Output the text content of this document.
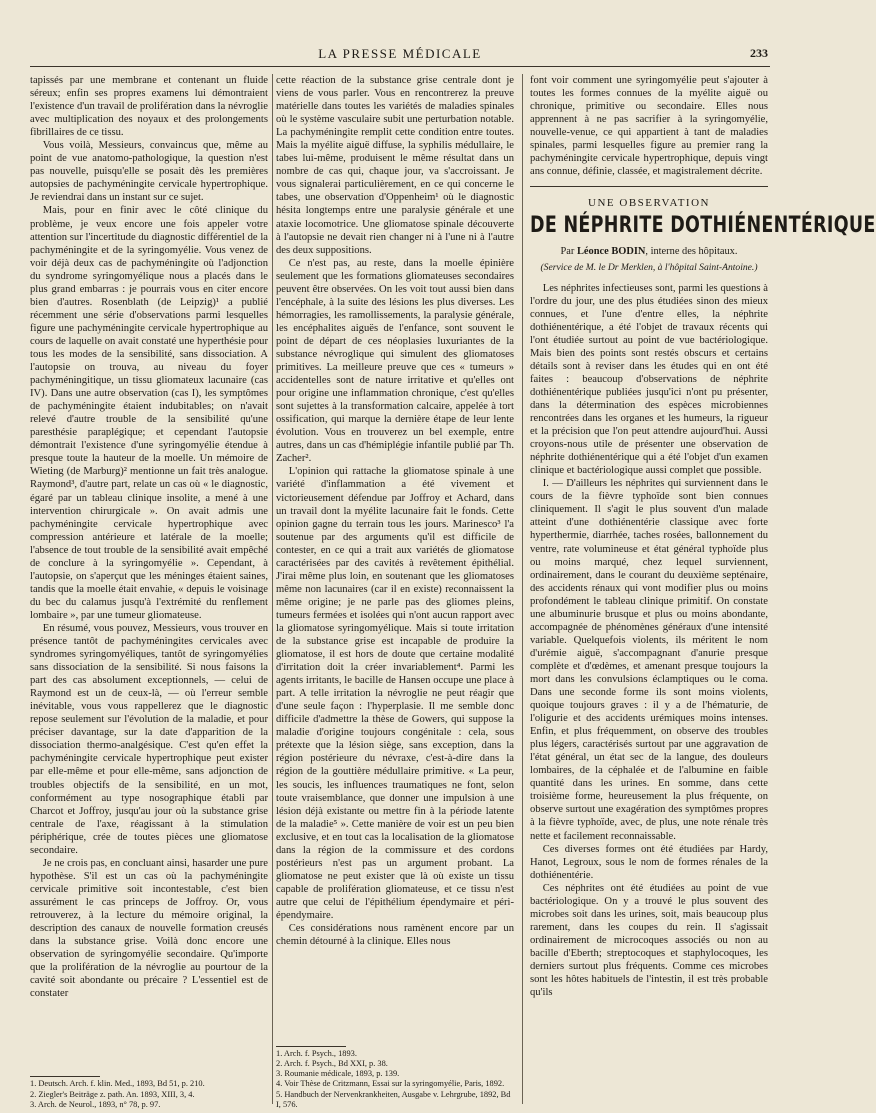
LA PRESSE MÉDICALE	233

tapissés par une membrane et contenant un fluide séreux; enfin ses propres examens lui démontraient l'existence d'un travail de prolifération dans la névroglie avec multiplication des noyaux et des prolongements fibrillaires de ce tissu.

Vous voilà, Messieurs, convaincus que, même au point de vue anatomo-pathologique, la question n'est pas nouvelle, puisqu'elle se posait dès les premières autopsies de pachyméningite cervicale hypertrophique. Je reviendrai dans un instant sur ce sujet.

Mais, pour en finir avec le côté clinique du problème, je veux encore une fois appeler votre attention sur l'incertitude du diagnostic différentiel de la pachyméningite et de la syringomyélie. Vous venez de voir déjà deux cas de pachyméningite où l'adjonction du syndrome syringomyélique nous a placés dans le plus grand embarras : je pourrais vous en citer encore bien d'autres. Rosenblath (de Leipzig)¹ a publié récemment une série d'observations parmi lesquelles figure une pachyméningite cervicale hypertrophique au cours de laquelle on avait constaté une hyperthésie pour tous les modes de la sensibilité, sans dissociation. A l'autopsie on trouva, au niveau du foyer pachyméningitique, un tissu gliomateux lacunaire (cas IV). Dans une autre observation (cas I), les symptômes de pachyméningite étaient indubitables; on n'avait relevé d'autre trouble de la sensibilité qu'une paresthésie paraplégique; et cependant l'autopsie démontrait l'existence d'une syringomyélie étendue à presque toute la hauteur de la moelle. Un mémoire de Wieting (de Marburg)² mentionne un fait très analogue. Raymond³, d'autre part, relate un cas où « le diagnostic, égaré par un tableau clinique insolite, a mené à une intervention chirurgicale ». On avait admis une pachyméningite cervicale hypertrophique avec compression antérieure et latérale de la moelle; l'absence de tout trouble de la sensibilité avait empêché de conclure à la syringomyélie ». Cependant, à l'autopsie, on s'aperçut que les méninges étaient saines, tandis que la moelle était envahie, « depuis le voisinage du bec du calamus jusqu'à l'extrémité du renflement lombaire », par une tumeur gliomateuse.

En résumé, vous pouvez, Messieurs, vous trouver en présence tantôt de pachyméningites cervicales avec syndromes syringomyéliques, tantôt de syringomyélies sans dissociation de la sensibilité. Si nous faisons la part des cas absolument exceptionnels, — celui de Raymond est un de ceux-là, — où l'erreur semble inévitable, vous vous rappellerez que le diagnostic repose seulement sur l'évolution de la maladie, et pour préciser davantage, sur la date d'apparition de la dissociation thermo-analgésique. C'est qu'en effet la pachyméningite cervicale hypertrophique peut exister par elle-même et pour elle-même, sans adjonction de troubles objectifs de la sensibilité, en un mot, conformément au type nosographique établi par Charcot et Joffroy, jusqu'au jour où la substance grise centrale de l'axe, réagissant à la stimulation périphérique, crée de toutes pièces une gliomatose secondaire.

Je ne crois pas, en concluant ainsi, hasarder une pure hypothèse. S'il est un cas où la pachyméningite cervicale primitive soit incontestable, c'est bien assurément le cas princeps de Joffroy. Or, vous retrouverez, à la lecture du mémoire original, la description des canaux de nouvelle formation creusés dans la substance grise. Voilà donc encore une observation de syringomyélie secondaire. Qu'importe que la prolifération de la névroglie au pourtour de la cavité soit abondante ou précaire ? L'essentiel est de constater

1. Deutsch. Arch. f. klin. Med., 1893, Bd 51, p. 210.
2. Ziegler's Beiträge z. path. An. 1893, XIII, 3, 4.
3. Arch. de Neurol., 1893, n° 78, p. 97.

cette réaction de la substance grise centrale dont je viens de vous parler. Vous en rencontrerez la preuve matérielle dans toutes les variétés de maladies spinales où le système vasculaire subit une perturbation notable. La pachyméningite remplit cette condition entre toutes. Mais la myélite aiguë diffuse, la syphilis médullaire, le tabes lui-même, produisent le même résultat dans un nombre de cas qui, chaque jour, va s'accroissant. Je vous signalerai particulièrement, en ce qui concerne le tabes, une observation d'Oppenheim¹ où le diagnostic hésita longtemps entre une paralysie générale et une ataxie locomotrice. Une gliomatose spinale découverte à l'autopsie ne devait rien changer ni à l'une ni à l'autre des deux suppositions.

Ce n'est pas, au reste, dans la moelle épinière seulement que les formations gliomateuses secondaires peuvent être observées. On les voit tout aussi bien dans l'encéphale, à la suite des lésions les plus diverses. Les hémorragies, les ramollissements, la paralysie générale, les encéphalites aiguës de l'enfance, sont souvent le point de départ de ces néoplasies luxuriantes de la substance névroglique qui simulent des gliomatoses primitives. La meilleure preuve que ces « tumeurs » accidentelles sont de nature irritative et qu'elles ont pour origine une inflammation chronique, c'est qu'elles sont sujettes à la transformation calcaire, appelée à tort ossification, qui marque la dernière étape de leur lente évolution. Vous en trouverez un bel exemple, entre autres, dans un cas d'hémiplégie infantile publié par Th. Zacher².

L'opinion qui rattache la gliomatose spinale à une variété d'inflammation a été vivement et victorieusement défendue par Joffroy et Achard, dans un travail dont la myélite lacunaire fait le fonds. Cette opinion gagne du terrain tous les jours. Marinesco³ l'a soutenue par des arguments qu'il est difficile de contester, en ce qui a trait aux variétés de gliomatose caractérisées par des cavités à revêtement épithélial. J'irai même plus loin, en soutenant que les gliomatoses même non lacunaires (car il en existe) reconnaissent la même origine; je ne parle pas des gliomes pleins, tumeurs fermées et isolées qui n'ont aucun rapport avec la gliomatose syringomyélique. Mais si toute irritation de la substance grise est incapable de produire la gliomatose, il est hors de doute que certaine modalité d'irritation doit la créer invariablement⁴. Parmi les agents irritants, le bacille de Hansen occupe une place à part. A telle irritation la névroglie ne peut réagir que d'une seule façon : l'hyperplasie. Il me semble donc difficile d'admettre la thèse de Gowers, qui suppose la maladie d'origine toujours congénitale : cela, sous prétexte que la lésion siège, sans exception, dans la région postérieure du névraxe, c'est-à-dire dans la région de la gouttière médullaire primitive. « La peur, les soucis, les influences traumatiques ne font, selon toute vraisemblance, que donner une impulsion à une lésion déjà existante ou mettre fin à la période latente de la maladie⁵ ». Cette manière de voir est un peu bien exclusive, et en tout cas la localisation de la gliomatose dans la région de la commissure et des cordons postérieurs n'est pas un argument probant. La gliomatose ne peut exister que là où existe un tissu capable de prolifération gliomateuse, et ce tissu n'est autre que celui de l'épithélium épendymaire et péri-épendymaire.

Ces considérations nous ramènent encore par un chemin détourné à la clinique. Elles nous

1. Arch. f. Psych., 1893.
2. Arch. f. Psych., Bd XXI, p. 38.
3. Roumanie médicale, 1893, p. 139.
4. Voir Thèse de Critzmann, Essai sur la syringomyélie, Paris, 1892.
5. Handbuch der Nervenkrankheiten, Ausgabe v. Lehrgrube, 1892, Bd I, 576.

font voir comment une syringomyélie peut s'ajouter à toutes les formes connues de la myélite aiguë ou chronique, primitive ou secondaire. Elles nous apprennent à ne pas sacrifier à la syringomyélie, nouvelle-venue, ce qui appartient à tant de maladies spinales, parmi lesquelles figure au premier rang la pachyméningite cervicale hypertrophique, depuis vingt ans connue, définie, classée, et magistralement décrite.

UNE OBSERVATION
DE NÉPHRITE DOTHIÉNENTÉRIQUE
Par Léonce BODIN, interne des hôpitaux.
(Service de M. le Dr Merklen, à l'hôpital Saint-Antoine.)

Les néphrites infectieuses sont, parmi les questions à l'ordre du jour, une des plus étudiées sinon des mieux connues, et l'une d'entre elles, la néphrite dothiénentérique, a été l'objet de travaux récents qui l'ont étudiée surtout au point de vue bactériologique. Mais bien des points sont restés obscurs et certains détails sont à reviser dans les études qui en ont été faites : beaucoup d'observations de néphrite dothiénentérique publiées jusqu'ici n'ont pu présenter, dans la détermination des espèces microbiennes rencontrées dans les organes et les humeurs, la rigueur et la précision que l'on peut attendre aujourd'hui. Aussi croyons-nous utile de présenter une observation de néphrite dothiénentérique qui a été l'objet d'un examen clinique et bactériologique aussi complet que possible.

I. — D'ailleurs les néphrites qui surviennent dans le cours de la fièvre typhoïde sont bien connues cliniquement. Il s'agit le plus souvent d'un malade atteint d'une dothiénentérie classique avec forte hyperthermie, diarrhée, taches rosées, ballonnement du ventre, rate volumineuse et état général typhoïde plus ou moins marqué, chez lequel surviennent, ordinairement, dans le courant du deuxième septénaire, des accidents rénaux qui vont modifier plus ou moins profondément le tableau clinique primitif. On constate une albuminurie brusque et plus ou moins abondante, accompagnée de phénomènes généraux d'une intensité variable. Quelquefois violents, ils méritent le nom d'urémie aiguë, s'accompagnant d'anurie presque complète et d'œdèmes, et amenant presque toujours la mort dans les convulsions éclamptiques ou le coma. Dans une seconde forme ils sont moins violents, quoique toujours graves : il y a de l'hématurie, de l'oligurie et des accidents urémiques moins intenses. Enfin, et plus fréquemment, on observe des troubles plus légers, caractérisés surtout par une aggravation de l'état général, un état sec de la langue, des douleurs lombaires, de la céphalée et de l'albumine en faible quantité dans les urines. En somme, dans cette troisième forme, heureusement la plus fréquente, on observe surtout une exagération des symptômes propres à la fièvre typhoïde, avec, de plus, une note rénale très nette et facilement reconnaissable.

Ces diverses formes ont été étudiées par Hardy, Hanot, Legroux, sous le nom de formes rénales de la dothiénentérie.

Ces néphrites ont été étudiées au point de vue bactériologique. On y a trouvé le plus souvent des microbes soit dans les urines, soit, mais beaucoup plus rarement, dans les coupes du rein. Il s'agissait ordinairement de microcoques associés ou non au bacille d'Eberth; streptocoques et staphylocoques, les derniers surtout plus fréquents. Comme ces microbes sont les hôtes habituels de l'intestin, il est très probable qu'ils
